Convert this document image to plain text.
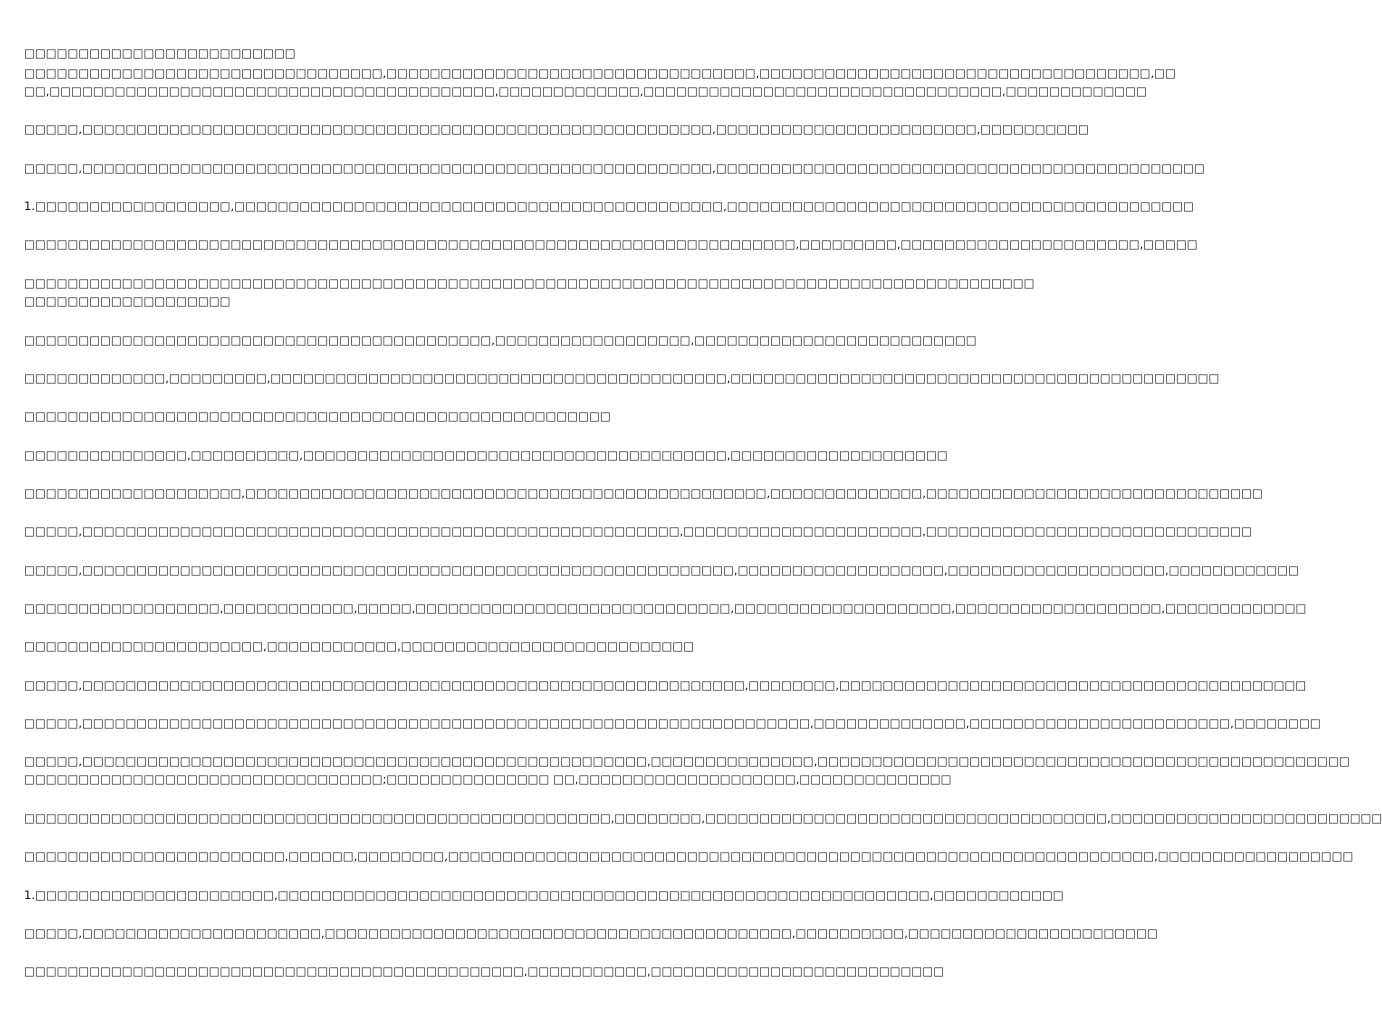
□□□□□□□□□□□□□□□□□□□□□□□□□
□□□□□□□□□□□□□□□□□□□□□□□□□□□□□□□□□,□□□□□□□□□□□□□□□□□□□□□□□□□□□□□□□□□□,□□□□□□□□□□□□□□□□□□□□□□□□□□□□□□□□□□□□,□□
□□,□□□□□□□□□□□□□□□□□□□□□□□□□□□□□□□□□□□□□□□□□,□□□□□□□□□□□□□,□□□□□□□□□□□□□□□□□□□□□□□□□□□□□□□□□,□□□□□□□□□□□□□
□□□□□,□□□□□□□□□□□□□□□□□□□□□□□□□□□□□□□□□□□□□□□□□□□□□□□□□□□□□□□□□□,□□□□□□□□□□□□□□□□□□□□□□□□,□□□□□□□□□□
□□□□□,□□□□□□□□□□□□□□□□□□□□□□□□□□□□□□□□□□□□□□□□□□□□□□□□□□□□□□□□□□,□□□□□□□□□□□□□□□□□□□□□□□□□□□□□□□□□□□□□□□□□□□□□
1.□□□□□□□□□□□□□□□□□□,□□□□□□□□□□□□□□□□□□□□□□□□□□□□□□□□□□□□□□□□□□□□□,□□□□□□□□□□□□□□□□□□□□□□□□□□□□□□□□□□□□□□□□□□□
□□□□□□□□□□□□□□□□□□□□□□□□□□□□□□□□□□□□□□□□□□□□□□□□□□□□□□□□□□□□□□□□□□□□□□□,□□□□□□□□□,□□□□□□□□□□□□□□□□□□□□□□,□□□□□
□□□□□□□□□□□□□□□□□□□□□□□□□□□□□□□□□□□□□□□□□□□□□□□□□□□□□□□□□□□□□□□□□□□□□□□□□□□□□□□□□□□□□□□□□□□□□
□□□□□□□□□□□□□□□□□□□
□□□□□□□□□□□□□□□□□□□□□□□□□□□□□□□□□□□□□□□□□□□,□□□□□□□□□□□□□□□□□□,□□□□□□□□□□□□□□□□□□□□□□□□□□
□□□□□□□□□□□□□,□□□□□□□□□,□□□□□□□□□□□□□□□□□□□□□□□□□□□□□□□□□□□□□□□□□□,□□□□□□□□□□□□□□□□□□□□□□□□□□□□□□□□□□□□□□□□□□□□□
□□□□□□□□□□□□□□□□□□□□□□□□□□□□□□□□□□□□□□□□□□□□□□□□□□□□□□
□□□□□□□□□□□□□□□,□□□□□□□□□□,□□□□□□□□□□□□□□□□□□□□□□□□□□□□□□□□□□□□□□□,□□□□□□□□□□□□□□□□□□□□
□□□□□□□□□□□□□□□□□□□□,□□□□□□□□□□□□□□□□□□□□□□□□□□□□□□□□□□□□□□□□□□□□□□□□,□□□□□□□□□□□□□□,□□□□□□□□□□□□□□□□□□□□□□□□□□□□□□□
□□□□□,□□□□□□□□□□□□□□□□□□□□□□□□□□□□□□□□□□□□□□□□□□□□□□□□□□□□□□□,□□□□□□□□□□□□□□□□□□□□□□,□□□□□□□□□□□□□□□□□□□□□□□□□□□□□□
□□□□□,□□□□□□□□□□□□□□□□□□□□□□□□□□□□□□□□□□□□□□□□□□□□□□□□□□□□□□□□□□□□,□□□□□□□□□□□□□□□□□□□,□□□□□□□□□□□□□□□□□□□□,□□□□□□□□□□□□
□□□□□□□□□□□□□□□□□□,□□□□□□□□□□□□,□□□□□,□□□□□□□□□□□□□□□□□□□□□□□□□□□□□,□□□□□□□□□□□□□□□□□□□□,□□□□□□□□□□□□□□□□□□□,□□□□□□□□□□□□□
□□□□□□□□□□□□□□□□□□□□□□,□□□□□□□□□□□□,□□□□□□□□□□□□□□□□□□□□□□□□□□□
□□□□□,□□□□□□□□□□□□□□□□□□□□□□□□□□□□□□□□□□□□□□□□□□□□□□□□□□□□□□□□□□□□□,□□□□□□□□,□□□□□□□□□□□□□□□□□□□□□□□□□□□□□□□□□□□□□□□□□□□
□□□□□,□□□□□□□□□□□□□□□□□□□□□□□□□□□□□□□□□□□□□□□□□□□□□□□□□□□□□□□□□□□□□□□□□□□,□□□□□□□□□□□□□□,□□□□□□□□□□□□□□□□□□□□□□□□,□□□□□□□□
□□□□□,□□□□□□□□□□□□□□□□□□□□□□□□□□□□□□□□□□□□□□□□□□□□□□□□□□□□,□□□□□□□□□□□□□□□,□□□□□□□□□□□□□□□□□□□□□□□□□□□□□□□□□□□□□□□□□□□□□□□□□
□□□□□□□□□□□□□□□□□□□□□□□□□□□□□□□□□;□□□□□□□□□□□□□□□ □□,□□□□□□□□□□□□□□□□□□□□,□□□□□□□□□□□□□□
□□□□□□□□□□□□□□□□□□□□□□□□□□□□□□□□□□□□□□□□□□□□□□□□□□□□□□,□□□□□□□□,□□□□□□□□□□□□□□□□□□□□□□□□□□□□□□□□□□□□□,□□□□□□□□□□□□□□□□□□□□□□□□□
□□□□□□□□□□□□□□□□□□□□□□□□,□□□□□□,□□□□□□□□,□□□□□□□□□□□□□□□□□□□□□□□□□□□□□□□□□□□□□□□□□□□□□□□□□□□□□□□□□□□□□□□□□,□□□□□□□□□□□□□□□□□□
1.□□□□□□□□□□□□□□□□□□□□□□,□□□□□□□□□□□□□□□□□□□□□□□□□□□□□□□□□□□□□□□□□□□□□□□□□□□□□□□□□□□□,□□□□□□□□□□□□
□□□□□,□□□□□□□□□□□□□□□□□□□□□□,□□□□□□□□□□□□□□□□□□□□□□□□□□□□□□□□□□□□□□□□□□□,□□□□□□□□□□,□□□□□□□□□□□□□□□□□□□□□□□
□□□□□□□□□□□□□□□□□□□□□□□□□□□□□□□□□□□□□□□□□□□□□□,□□□□□□□□□□□,□□□□□□□□□□□□□□□□□□□□□□□□□□□
